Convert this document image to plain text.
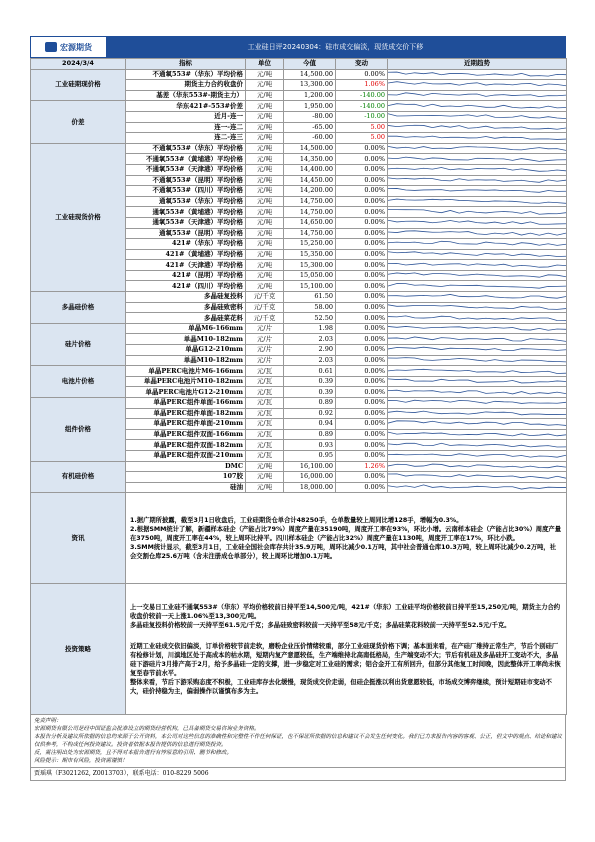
宏源期货	工业硅日评20240304：硅市成交偏淡，现货成交价下移
2024/3/4	指标	单位	今值	变动	近期趋势
工业硅期现价格	不通氧553#（华东）平均价格	元/吨	14,500.00	0.00%	

	期货主力合约收盘价	元/吨	13,300.00	1.06%	

	基差（华东553#-期货主力）	元/吨	1,200.00	-140.00	

价差	华东421#-553#价差	元/吨	1,950.00	-140.00	

	近月-连一	元/吨	-80.00	-10.00	

	连一-连二	元/吨	-65.00	5.00	

	连二-连三	元/吨	-60.00	5.00	

工业硅现货价格	不通氧553#（华东）平均价格	元/吨	14,500.00	0.00%	

	不通氧553#（黄埔港）平均价格	元/吨	14,350.00	0.00%	

	不通氧553#（天津港）平均价格	元/吨	14,400.00	0.00%	

	不通氧553#（昆明）平均价格	元/吨	14,450.00	0.00%	

	不通氧553#（四川）平均价格	元/吨	14,200.00	0.00%	

	通氧553#（华东）平均价格	元/吨	14,750.00	0.00%	

	通氧553#（黄埔港）平均价格	元/吨	14,750.00	0.00%	

	通氧553#（天津港）平均价格	元/吨	14,650.00	0.00%	

	通氧553#（昆明）平均价格	元/吨	14,750.00	0.00%	

	421#（华东）平均价格	元/吨	15,250.00	0.00%	

	421#（黄埔港）平均价格	元/吨	15,350.00	0.00%	

	421#（天津港）平均价格	元/吨	15,300.00	0.00%	

	421#（昆明）平均价格	元/吨	15,050.00	0.00%	

	421#（四川）平均价格	元/吨	15,100.00	0.00%	

多晶硅价格	多晶硅复投料	元/千克	61.50	0.00%	

	多晶硅致密料	元/千克	58.00	0.00%	

	多晶硅菜花料	元/千克	52.50	0.00%	

硅片价格	单晶M6-166mm	元/片	1.98	0.00%	

	单晶M10-182mm	元/片	2.03	0.00%	

	单晶G12-210mm	元/片	2.90	0.00%	

	单晶M10-182mm	元/片	2.03	0.00%	

电池片价格	单晶PERC电池片M6-166mm	元/瓦	0.61	0.00%	

	单晶PERC电池片M10-182mm	元/瓦	0.39	0.00%	

	单晶PERC电池片G12-210mm	元/瓦	0.39	0.00%	

组件价格	单晶PERC组件单面-166mm	元/瓦	0.89	0.00%	

	单晶PERC组件单面-182mm	元/瓦	0.92	0.00%	

	单晶PERC组件单面-210mm	元/瓦	0.94	0.00%	

	单晶PERC组件双面-166mm	元/瓦	0.89	0.00%	

	单晶PERC组件双面-182mm	元/瓦	0.93	0.00%	

	单晶PERC组件双面-210mm	元/瓦	0.95	0.00%	

有机硅价格	DMC	元/吨	16,100.00	1.26%	

	107胶	元/吨	16,000.00	0.00%	

	硅油	元/吨	18,000.00	0.00%	

资讯	1.据广期所披露，截至3月1日收盘后，工业硅期货仓单合计48250手，仓单数量较上周同比增128手，增幅为0.3%。
2.根据SMM统计了解，新疆样本硅企（产能占比79%）周度产量在35190吨，周度开工率在93%，环比小增。云南样本硅企（产能占比30%）周度产量在3750吨，周度开工率在44%，较上周环比持平。四川样本硅企（产能占比32%）周度产量在1130吨，周度开工率在17%，环比小跌。
3.SMM统计显示，截至3月1日，工业硅全国社会库存共计35.9万吨，周环比减少0.1万吨，其中社会普通仓库10.3万吨，较上周环比减少0.2万吨，社会交割仓库25.6万吨（含未注册成仓单部分），较上周环比增加0.1万吨。				

投资策略	上一交易日工业硅不通氧553#（华东）平均价格较前日持平至14,500元/吨，421#（华东）工业硅平均价格较前日持平至15,250元/吨，期货主力合约收盘价较前一天上涨1.06%至13,300元/吨。
多晶硅复投料价格较前一天持平至61.5元/千克；多晶硅致密料较前一天持平至58元/千克；多晶硅菜花料较前一天持平至52.5元/千克。
近期工业硅成交依旧偏淡，订单价格较节前走软，磨粉企业压价情绪较重，部分工业硅现货价格下调；基本面来看，在产硅厂维持正常生产，节后个别硅厂有检修计划，川滇地区处于高成本的枯水期，短期内复产意愿较低，生产端维持北高南低格局，生产端变动不大；节后有机硅及多晶硅开工变动不大，多晶硅下游硅片3月排产高于2月，给予多晶硅一定的支撑，进一步稳定对工业硅的需求；铝合金开工有所回升，但部分其他复工时间晚，因此整体开工率尚未恢复至春节前水平。
整体来看，节后下游采购态度不积极，工业硅库存去化缓慢，现货成交价走弱，但硅企挺涨以利出货意愿较低，市场成交博弈继续，预计短期硅市变动不大，硅价持稳为主，偏弱操作以谨慎布多为主。				

免责声明：

宏源期货有限公司是经中国证监会批准设立的期货经营机构，已具备期货交易咨询业务资格。

本报告分析及建议所依据的信息均来源于公开资料，本公司对这些信息的准确性和完整性不作任何保证，也不保证所依据的信息和建议不会发生任何变化。我们已力求报告内容的客观、公正，但文中的观点、结论和建议仅供参考，不构成任何投资建议。投资者依据本报告提供的信息进行期货投资。

反，需注明出处为宏源期货，且不得对本报告进行有悖原意的引用、删节和修改。

风险提示：期市有风险，投资需谨慎！

贾瑶琪（F3021262, Z0013703），联系电话：010-8229 5006
